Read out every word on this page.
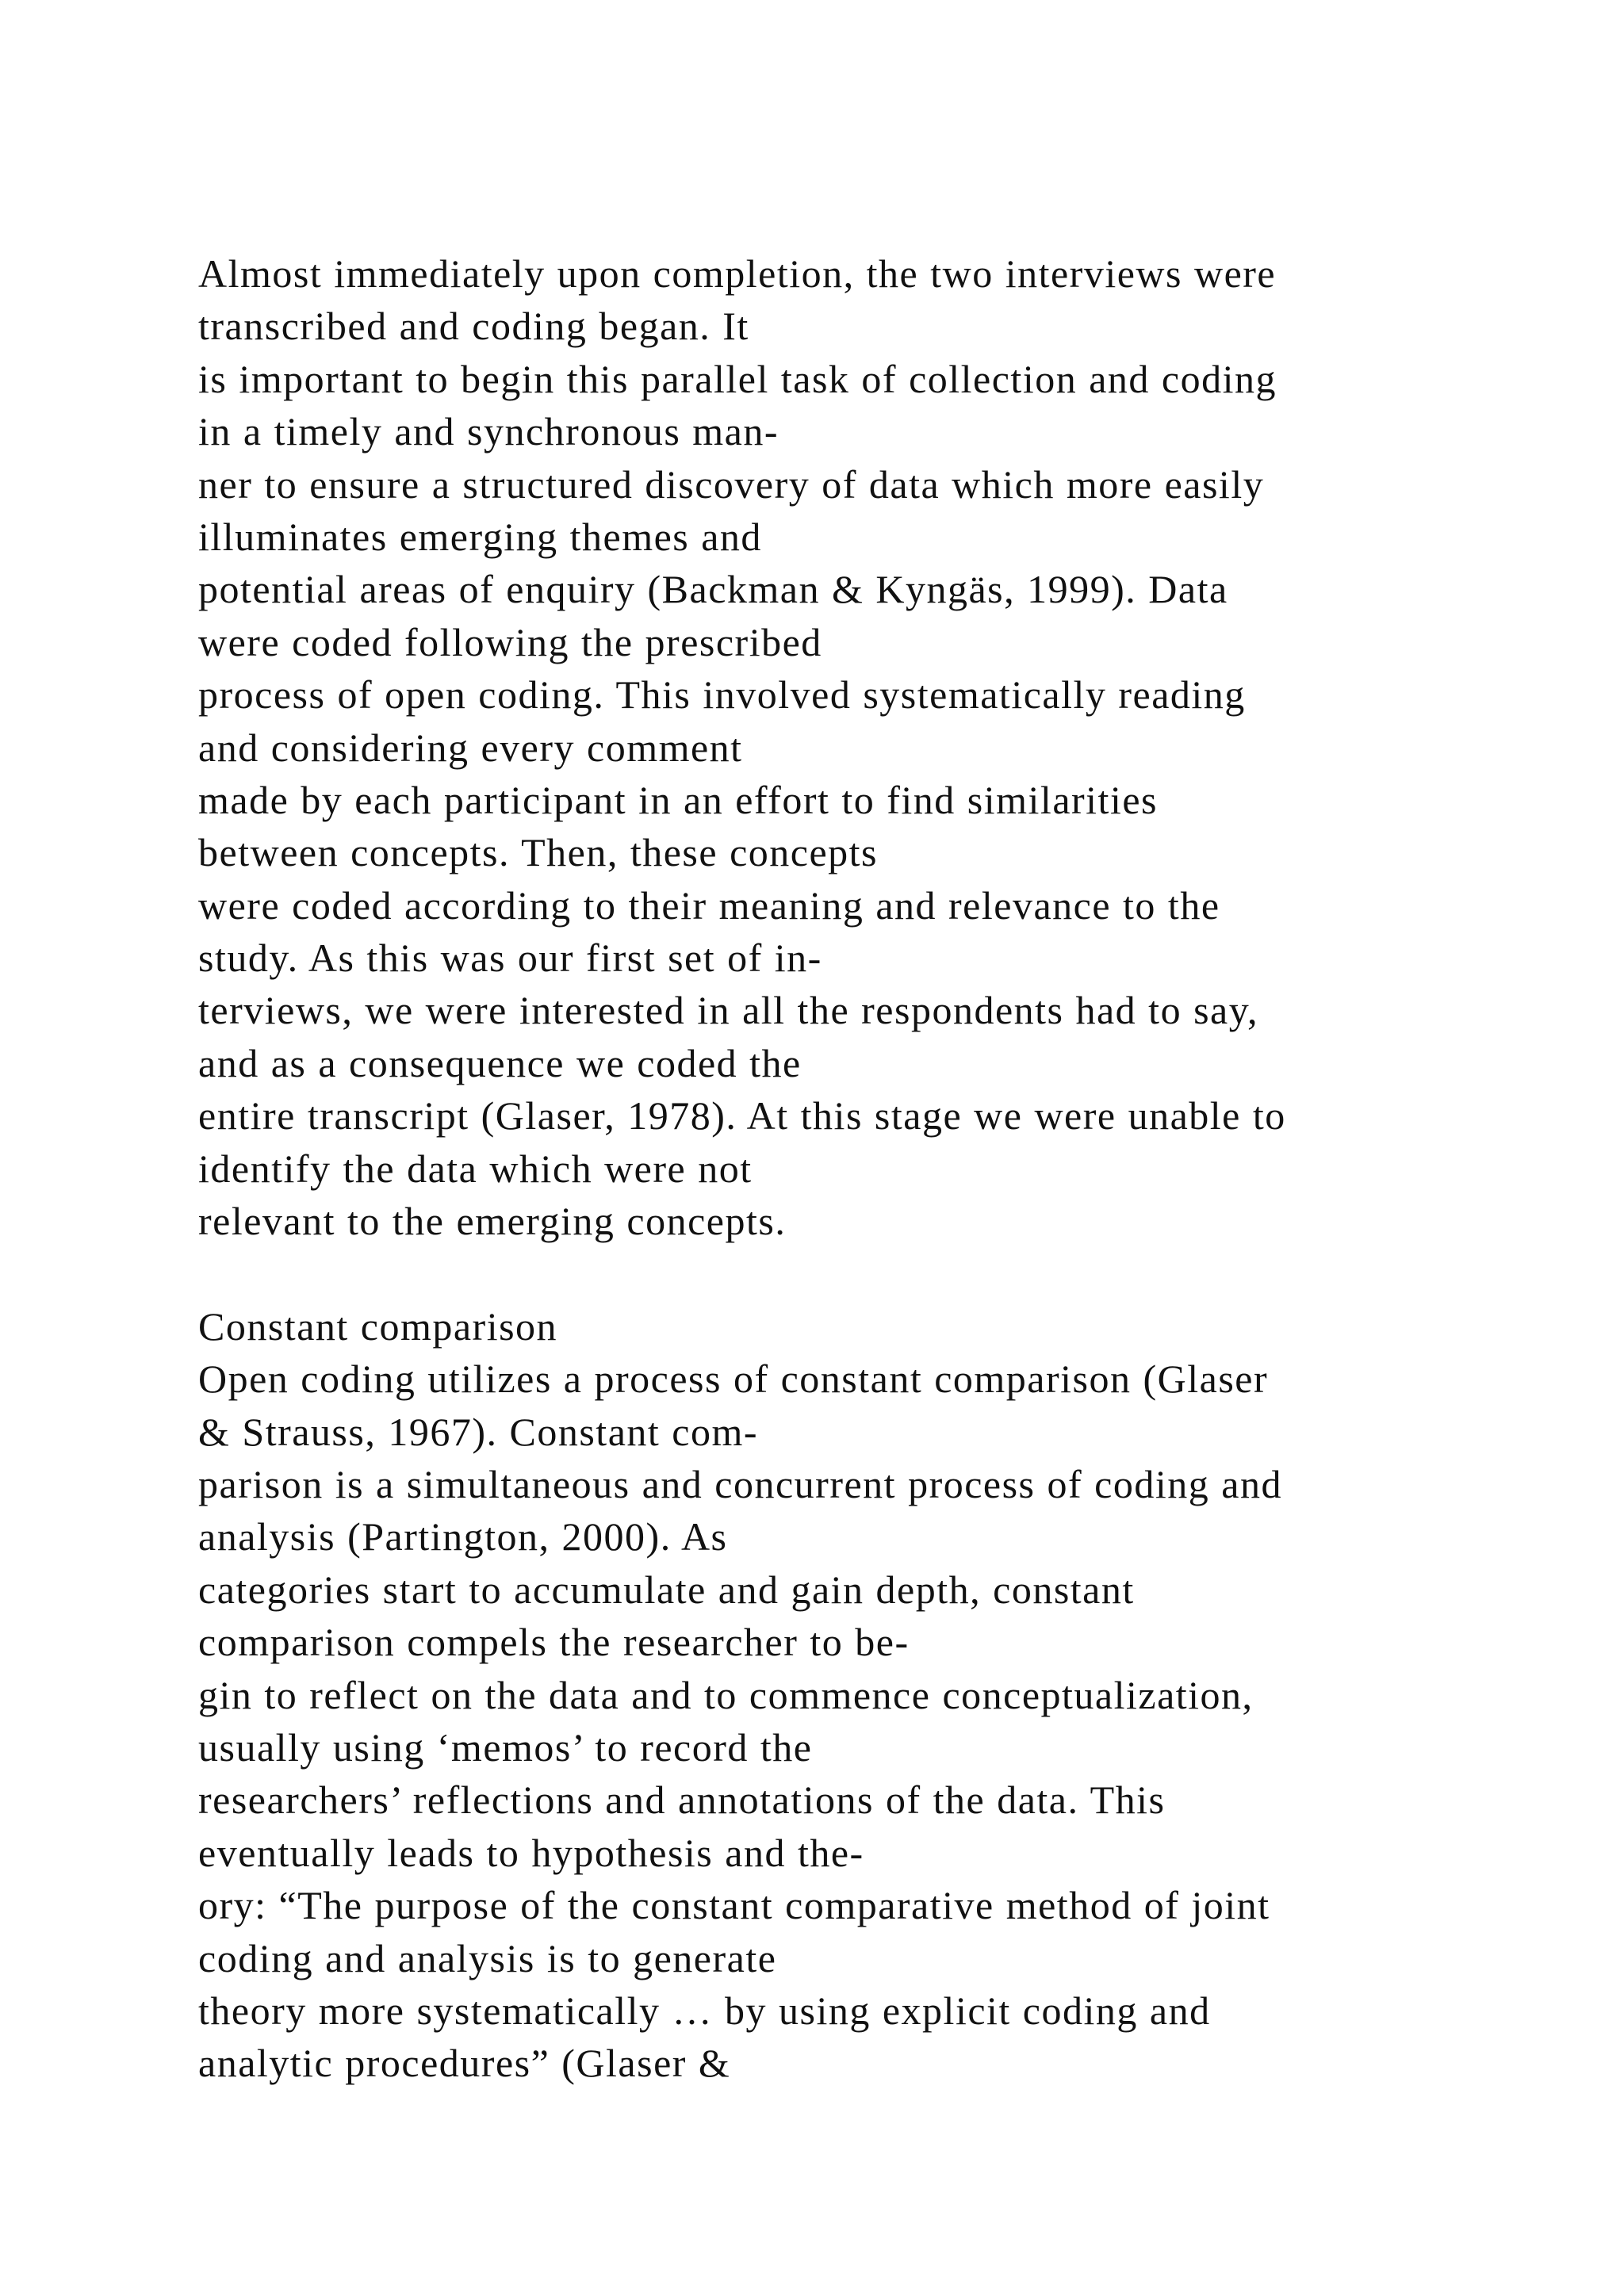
Almost immediately upon completion, the two interviews were
transcribed and coding began. It
is important to begin this parallel task of collection and coding
in a timely and synchronous man-
ner to ensure a structured discovery of data which more easily
illuminates emerging themes and
potential areas of enquiry (Backman & Kyngäs, 1999). Data
were coded following the prescribed
process of open coding. This involved systematically reading
and considering every comment
made by each participant in an effort to find similarities
between concepts. Then, these concepts
were coded according to their meaning and relevance to the
study. As this was our first set of in-
terviews, we were interested in all the respondents had to say,
and as a consequence we coded the
entire transcript (Glaser, 1978). At this stage we were unable to
identify the data which were not
relevant to the emerging concepts.
Constant comparison
Open coding utilizes a process of constant comparison (Glaser
& Strauss, 1967). Constant com-
parison is a simultaneous and concurrent process of coding and
analysis (Partington, 2000). As
categories start to accumulate and gain depth, constant
comparison compels the researcher to be-
gin to reflect on the data and to commence conceptualization,
usually using ‘memos’ to record the
researchers’ reflections and annotations of the data. This
eventually leads to hypothesis and the-
ory: “The purpose of the constant comparative method of joint
coding and analysis is to generate
theory more systematically … by using explicit coding and
analytic procedures” (Glaser &
